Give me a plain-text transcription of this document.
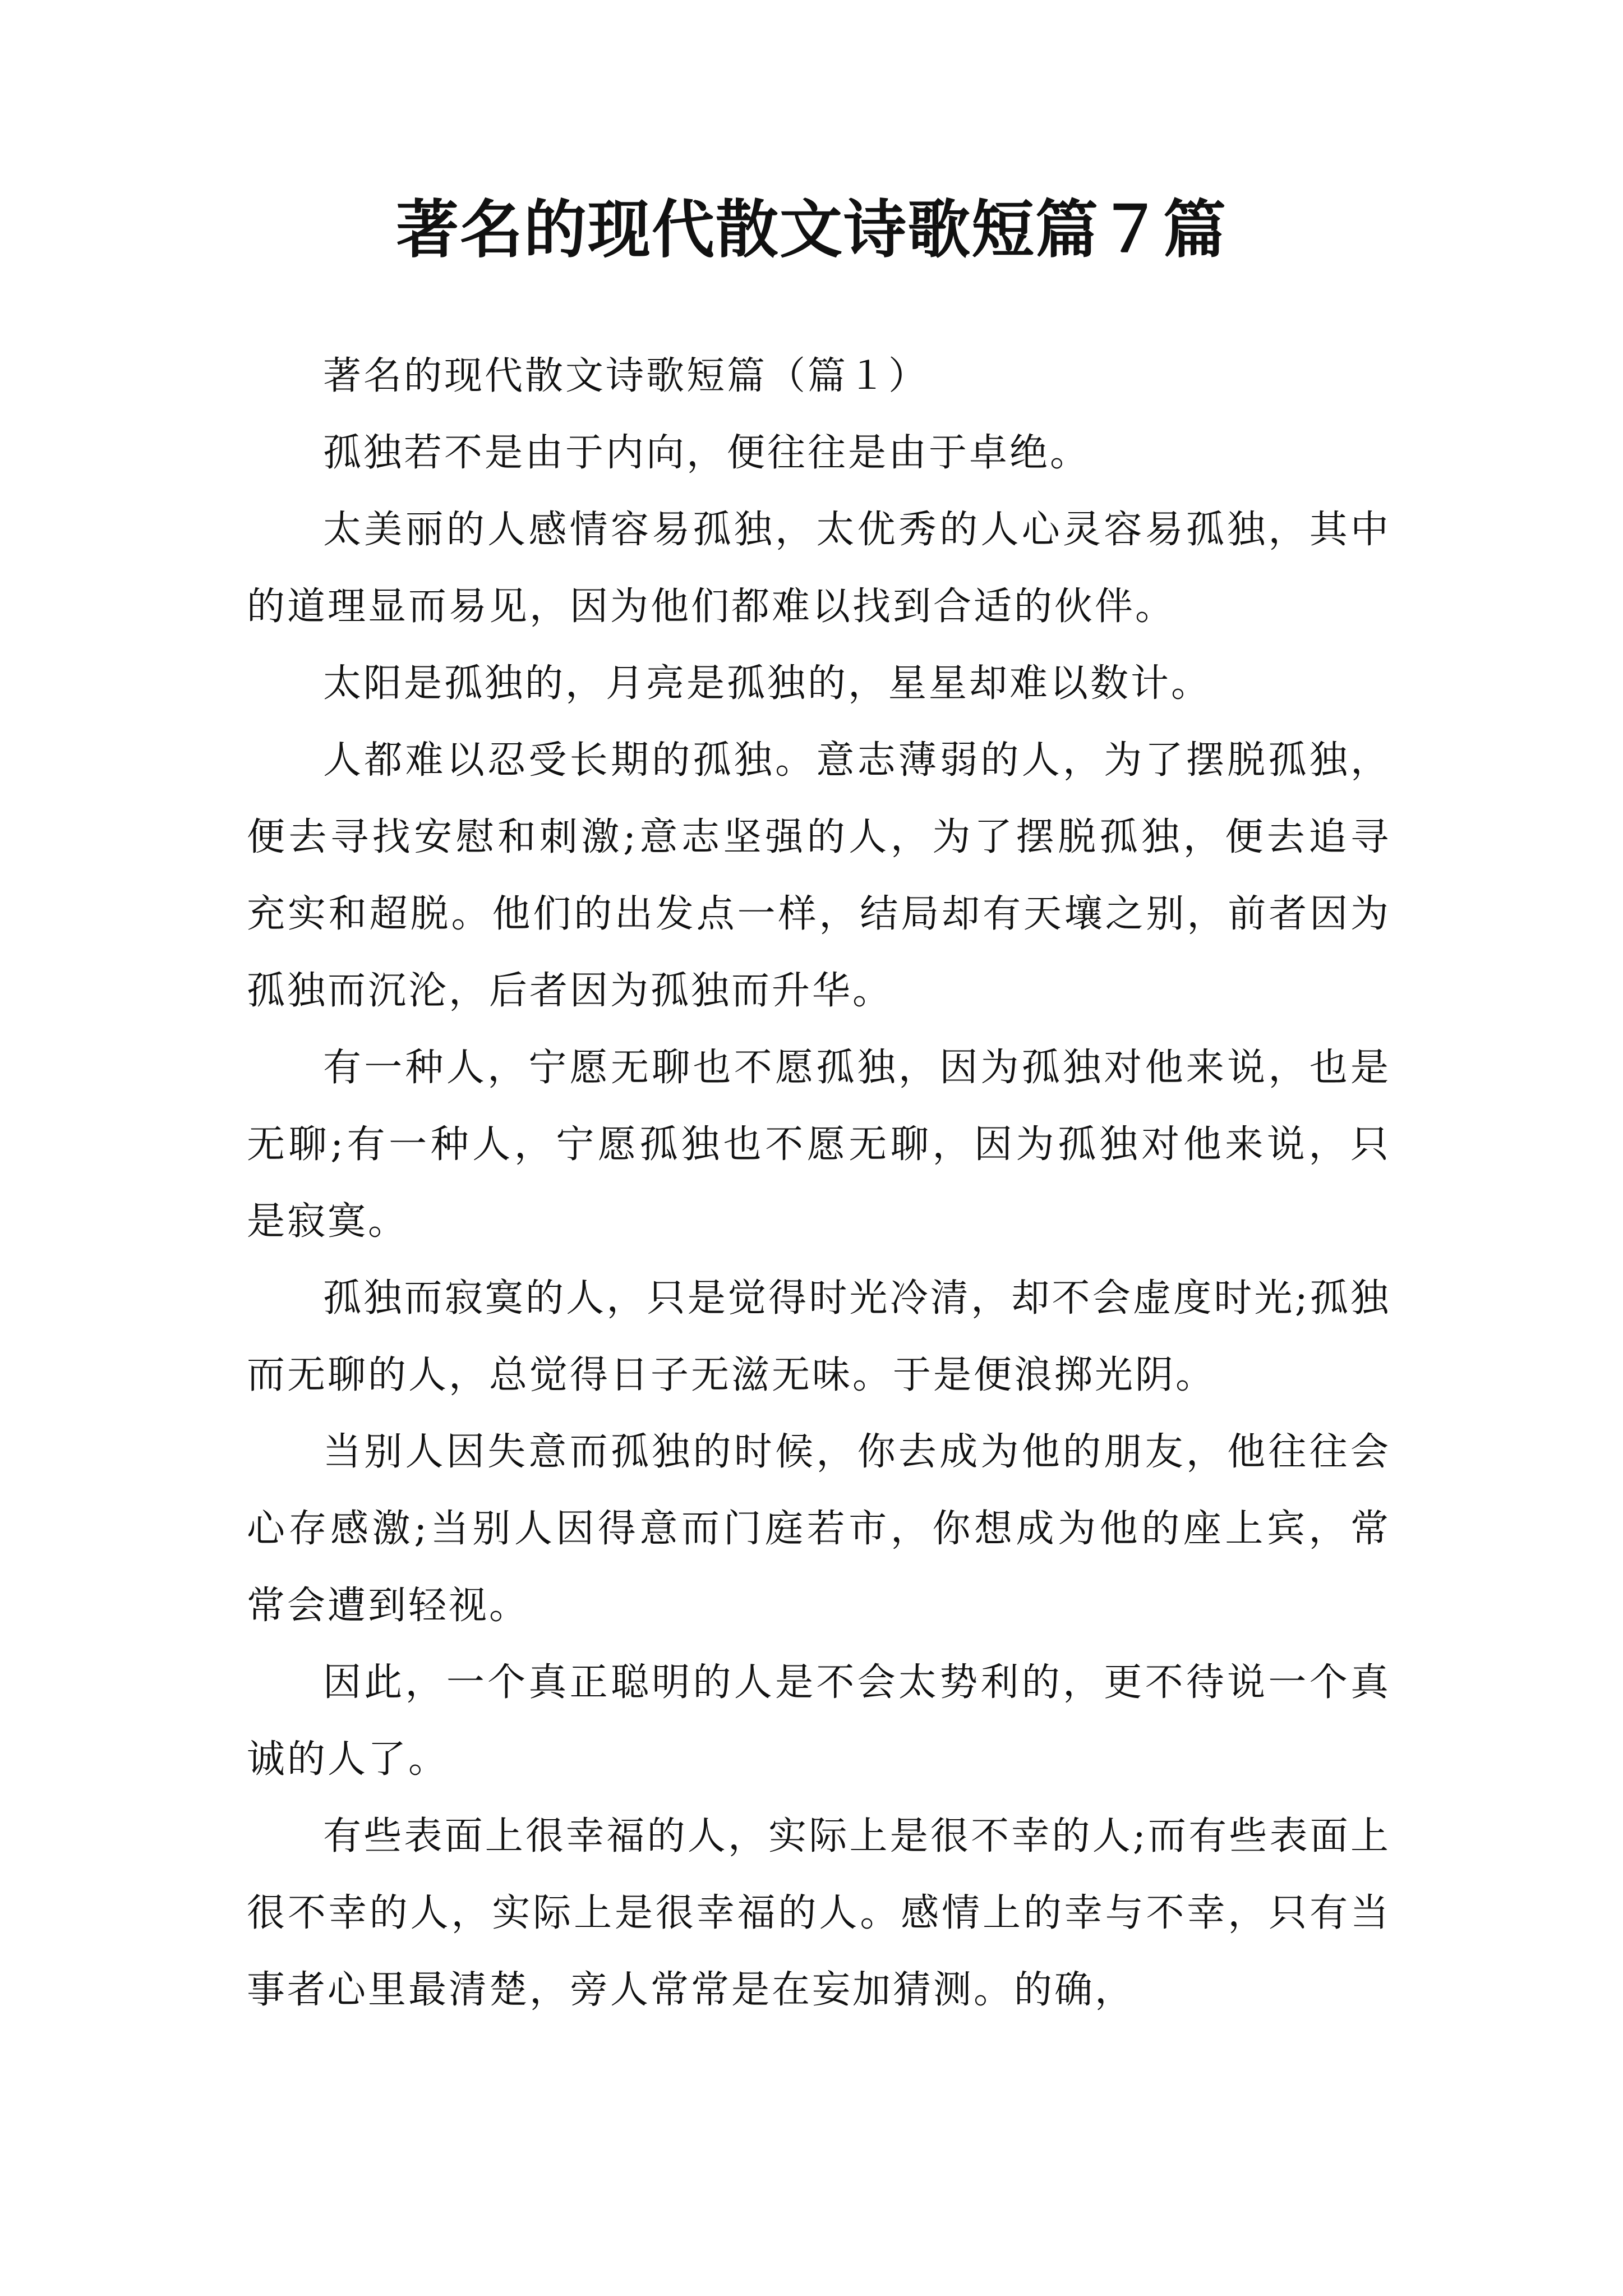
著名的现代散文诗歌短篇７篇

著名的现代散文诗歌短篇（篇１）

孤独若不是由于内向，便往往是由于卓绝。

太美丽的人感情容易孤独，太优秀的人心灵容易孤独，其中的道理显而易见，因为他们都难以找到合适的伙伴。

太阳是孤独的，月亮是孤独的，星星却难以数计。

人都难以忍受长期的孤独。意志薄弱的人，为了摆脱孤独，便去寻找安慰和刺激;意志坚强的人，为了摆脱孤独，便去追寻充实和超脱。他们的出发点一样，结局却有天壤之别，前者因为孤独而沉沦，后者因为孤独而升华。

有一种人，宁愿无聊也不愿孤独，因为孤独对他来说，也是无聊;有一种人，宁愿孤独也不愿无聊，因为孤独对他来说，只是寂寞。

孤独而寂寞的人，只是觉得时光冷清，却不会虚度时光;孤独而无聊的人，总觉得日子无滋无味。于是便浪掷光阴。

当别人因失意而孤独的时候，你去成为他的朋友，他往往会心存感激;当别人因得意而门庭若市，你想成为他的座上宾，常常会遭到轻视。

因此，一个真正聪明的人是不会太势利的，更不待说一个真诚的人了。

有些表面上很幸福的人，实际上是很不幸的人;而有些表面上很不幸的人，实际上是很幸福的人。感情上的幸与不幸，只有当事者心里最清楚，旁人常常是在妄加猜测。的确，
